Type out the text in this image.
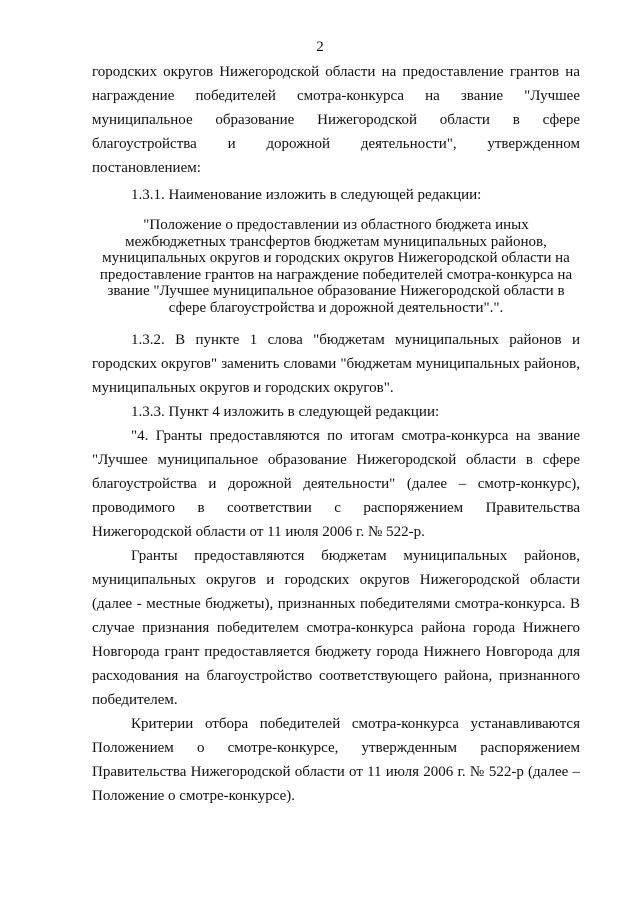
2

городских округов Нижегородской области на предоставление грантов на награждение победителей смотра-конкурса на звание "Лучшее муниципальное образование Нижегородской области в сфере благоустройства и дорожной деятельности", утвержденном постановлением:

1.3.1. Наименование изложить в следующей редакции:

"Положение о предоставлении из областного бюджета иных межбюджетных трансфертов бюджетам муниципальных районов, муниципальных округов и городских округов Нижегородской области на предоставление грантов на награждение победителей смотра-конкурса на звание "Лучшее муниципальное образование Нижегородской области в сфере благоустройства и дорожной деятельности".".

1.3.2. В пункте 1 слова "бюджетам муниципальных районов и городских округов" заменить словами "бюджетам муниципальных районов, муниципальных округов и городских округов".

1.3.3. Пункт 4 изложить в следующей редакции:

"4. Гранты предоставляются по итогам смотра-конкурса на звание "Лучшее муниципальное образование Нижегородской области в сфере благоустройства и дорожной деятельности" (далее – смотр-конкурс), проводимого в соответствии с распоряжением Правительства Нижегородской области от 11 июля 2006 г. № 522-р.

Гранты предоставляются бюджетам муниципальных районов, муниципальных округов и городских округов Нижегородской области (далее - местные бюджеты), признанных победителями смотра-конкурса. В случае признания победителем смотра-конкурса района города Нижнего Новгорода грант предоставляется бюджету города Нижнего Новгорода для расходования на благоустройство соответствующего района, признанного победителем.

Критерии отбора победителей смотра-конкурса устанавливаются Положением о смотре-конкурсе, утвержденным распоряжением Правительства Нижегородской области от 11 июля 2006 г. № 522-р (далее – Положение о смотре-конкурсе).
